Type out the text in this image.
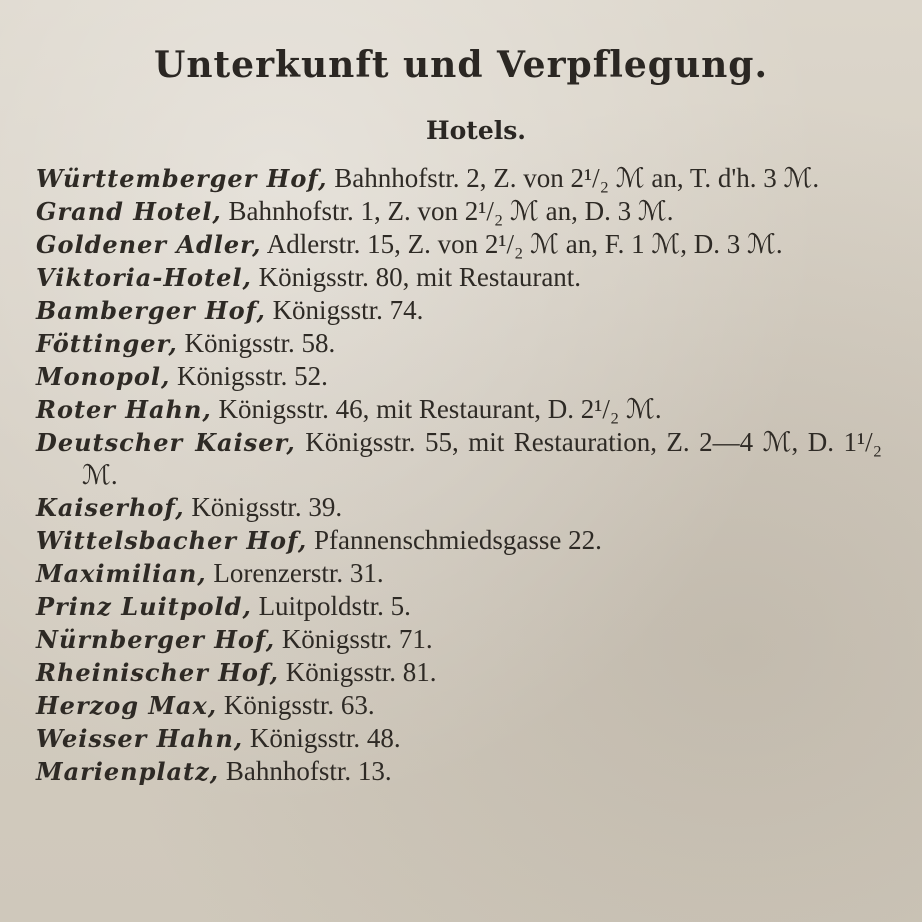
Unterkunft und Verpflegung.
Hotels.
Württemberger Hof, Bahnhofstr. 2, Z. von 2¹/₂ ℳ an, T. d'h. 3 ℳ.
Grand Hotel, Bahnhofstr. 1, Z. von 2¹/₂ ℳ an, D. 3 ℳ.
Goldener Adler, Adlerstr. 15, Z. von 2¹/₂ ℳ an, F. 1 ℳ, D. 3 ℳ.
Viktoria-Hotel, Königsstr. 80, mit Restaurant.
Bamberger Hof, Königsstr. 74.
Föttinger, Königsstr. 58.
Monopol, Königsstr. 52.
Roter Hahn, Königsstr. 46, mit Restaurant, D. 2¹/₂ ℳ.
Deutscher Kaiser, Königsstr. 55, mit Restauration, Z. 2—4 ℳ, D. 1¹/₂ ℳ.
Kaiserhof, Königsstr. 39.
Wittelsbacher Hof, Pfannenschmiedsgasse 22.
Maximilian, Lorenzerstr. 31.
Prinz Luitpold, Luitpoldstr. 5.
Nürnberger Hof, Königsstr. 71.
Rheinischer Hof, Königsstr. 81.
Herzog Max, Königsstr. 63.
Weisser Hahn, Königsstr. 48.
Marienplatz, Bahnhofstr. 13.
